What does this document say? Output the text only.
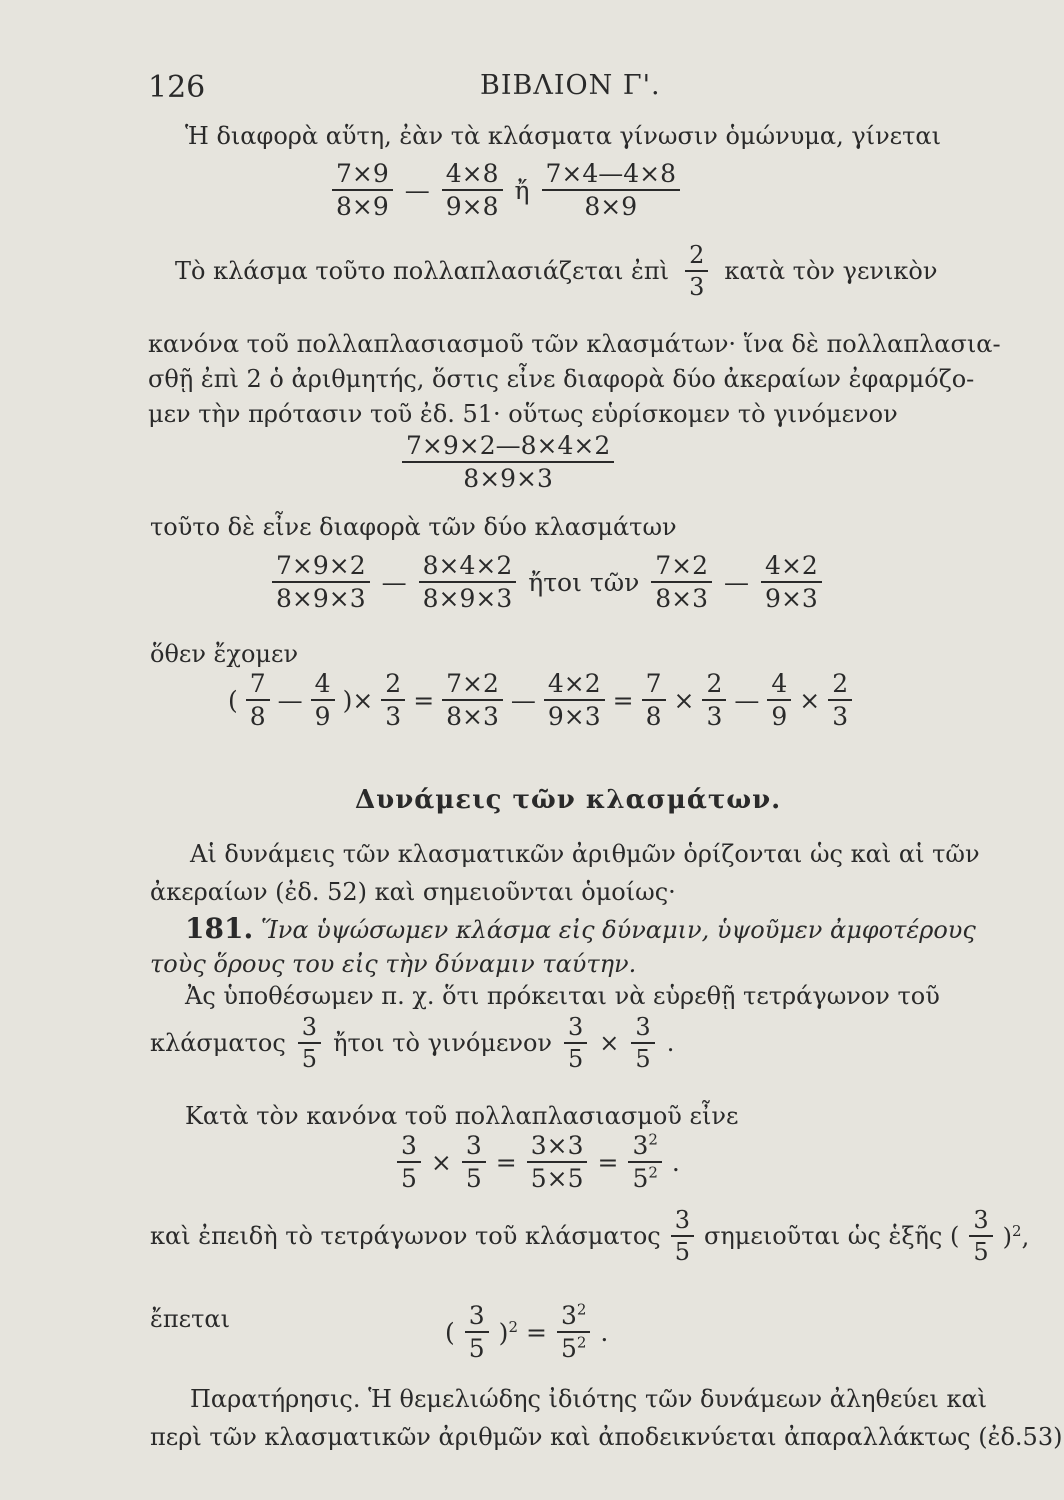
126	ΒΙΒΛΙΟΝ Γ'.
Ἡ διαφορὰ αὕτη, ἐὰν τὰ κλάσματα γίνωσιν ὁμώνυμα, γίνεται
$\frac{7\times 9}{8\times 9}$ — $\frac{4\times 8}{9\times 8}$ ἤ $\frac{7\times 4—4\times 8}{8\times 9}$
Τὸ κλάσμα τοῦτο πολλαπλασιάζεται ἐπὶ $\frac{2}{3}$ κατὰ τὸν γενικὸν
κανόνα τοῦ πολλαπλασιασμοῦ τῶν κλασμάτων· ἵνα δὲ πολλαπλασια-
σθῇ ἐπὶ 2 ὁ ἀριθμητής, ὅστις εἶνε διαφορὰ δύο ἀκεραίων ἐφαρμόζο-
μεν τὴν πρότασιν τοῦ ἐδ. 51· οὕτως εὑρίσκομεν τὸ γινόμενον
$\frac{7\times 9\times 2—8\times 4\times 2}{8\times 9\times 3}$
τοῦτο δὲ εἶνε διαφορὰ τῶν δύο κλασμάτων
$\frac{7\times 9\times 2}{8\times 9\times 3}$ — $\frac{8\times 4\times 2}{8\times 9\times 3}$ ἤτοι τῶν $\frac{7\times 2}{8\times 3}$ — $\frac{4\times 2}{9\times 3}$
ὅθεν ἔχομεν
( $\frac{7}{8}$ — $\frac{4}{9}$ )× $\frac{2}{3} = \frac{7\times 2}{8\times 3}$ — $\frac{4\times 2}{9\times 3} = \frac{7}{8} \times \frac{2}{3}$ — $\frac{4}{9} \times \frac{2}{3}$
Δυνάμεις τῶν κλασμάτων.
Αἱ δυνάμεις τῶν κλασματικῶν ἀριθμῶν ὁρίζονται ὡς καὶ αἱ τῶν
ἀκεραίων (ἐδ. 52) καὶ σημειοῦνται ὁμοίως·
181. Ἵνα ὑψώσωμεν κλάσμα εἰς δύναμιν, ὑψοῦμεν ἀμφοτέρους
τοὺς ὅρους του εἰς τὴν δύναμιν ταύτην.
Ἀς ὑποθέσωμεν π. χ. ὅτι πρόκειται νὰ εὑρεθῇ τετράγωνον τοῦ
κλάσματος $\frac{3}{5}$ ἤτοι τὸ γινόμενον $\frac{3}{5} \times \frac{3}{5}$ .
Κατὰ τὸν κανόνα τοῦ πολλαπλασιασμοῦ εἶνε
$\frac{3}{5} \times \frac{3}{5} = \frac{3\times 3}{5\times 5} = \frac{3^2}{5^2}$ .
καὶ ἐπειδὴ τὸ τετράγωνον τοῦ κλάσματος $\frac{3}{5}$ σημειοῦται ὡς ἑξῆς ( $\frac{3}{5} )^2$,
ἔπεται	( $\frac{3}{5} )^2 = \frac{3^2}{5^2}$ .
Παρατήρησις. Ἡ θεμελιώδης ἰδιότης τῶν δυνάμεων ἀληθεύει καὶ
περὶ τῶν κλασματικῶν ἀριθμῶν καὶ ἀποδεικνύεται ἀπαραλλάκτως (ἐδ.53)
